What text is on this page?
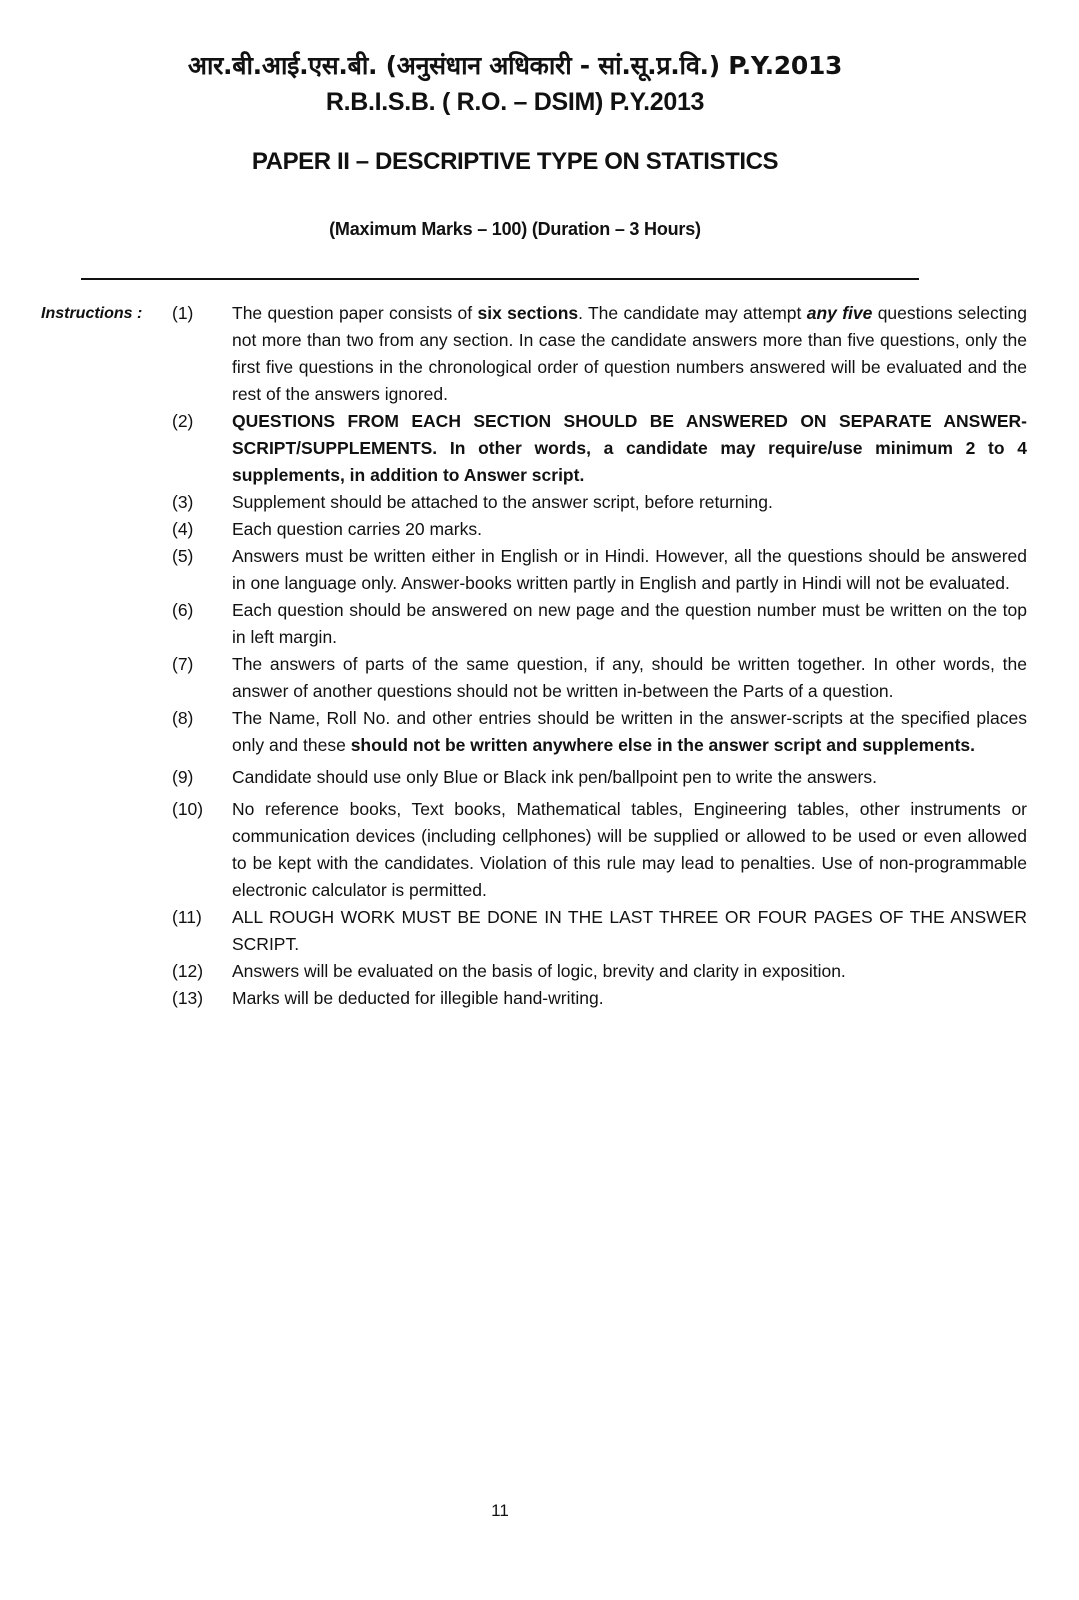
आर.बी.आई.एस.बी. (अनुसंधान अधिकारी - सां.सू.प्र.वि.) P.Y.2013
R.B.I.S.B. ( R.O. – DSIM) P.Y.2013
PAPER II – DESCRIPTIVE TYPE ON STATISTICS
(Maximum Marks – 100) (Duration – 3 Hours)
Instructions : (1)	The question paper consists of six sections. The candidate may attempt any five questions selecting not more than two from any section. In case the candidate answers more than five questions, only the first five questions in the chronological order of question numbers answered will be evaluated and the rest of the answers ignored.
(2)	QUESTIONS FROM EACH SECTION SHOULD BE ANSWERED ON SEPARATE ANSWER-SCRIPT/SUPPLEMENTS. In other words, a candidate may require/use minimum 2 to 4 supplements, in addition to Answer script.
(3)	Supplement should be attached to the answer script, before returning.
(4)	Each question carries 20 marks.
(5)	Answers must be written either in English or in Hindi. However, all the questions should be answered in one language only. Answer-books written partly in English and partly in Hindi will not be evaluated.
(6)	Each question should be answered on new page and the question number must be written on the top in left margin.
(7)	The answers of parts of the same question, if any, should be written together. In other words, the answer of another questions should not be written in-between the Parts of a question.
(8)	The Name, Roll No. and other entries should be written in the answer-scripts at the specified places only and these should not be written anywhere else in the answer script and supplements.
(9)	Candidate should use only Blue or Black ink pen/ballpoint pen to write the answers.
(10)	No reference books, Text books, Mathematical tables, Engineering tables, other instruments or communication devices (including cellphones) will be supplied or allowed to be used or even allowed to be kept with the candidates. Violation of this rule may lead to penalties. Use of non-programmable electronic calculator is permitted.
(11)	ALL ROUGH WORK MUST BE DONE IN THE LAST THREE OR FOUR PAGES OF THE ANSWER SCRIPT.
(12)	Answers will be evaluated on the basis of logic, brevity and clarity in exposition.
(13)	Marks will be deducted for illegible hand-writing.
11
